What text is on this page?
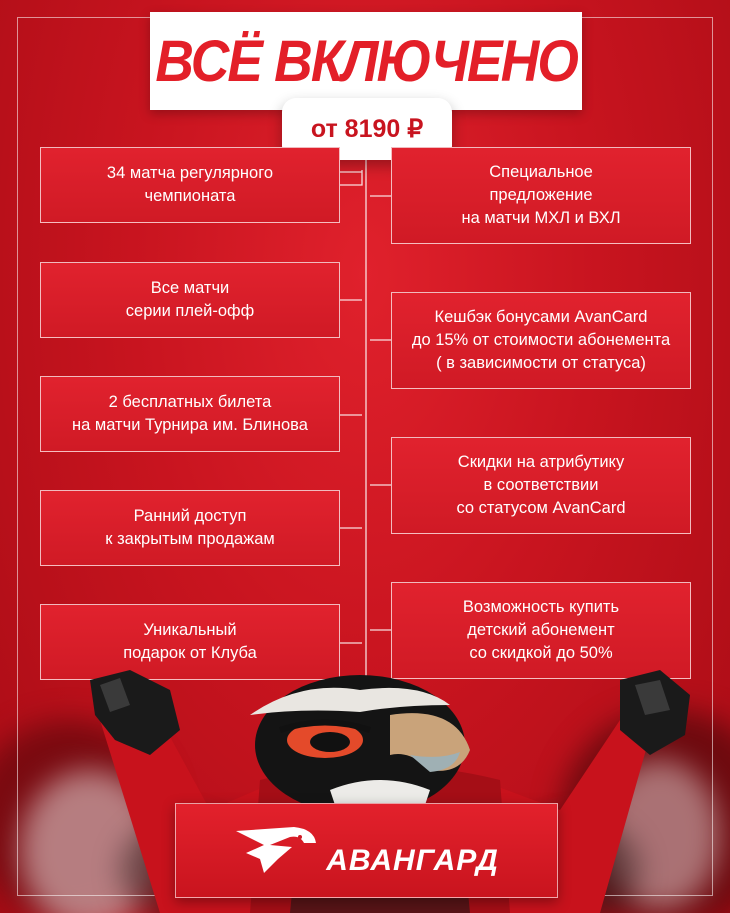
ВСЁ ВКЛЮЧЕНО
от 8190 ₽
34 матча регулярного
чемпионата
Все матчи
серии плей-офф
2 бесплатных билета
на матчи Турнира им. Блинова
Ранний доступ
к закрытым продажам
Уникальный
подарок от Клуба
Специальное
предложение
на матчи МХЛ и ВХЛ
Кешбэк бонусами AvanCard
до 15% от стоимости абонемента
( в зависимости от статуса)
Скидки на атрибутику
в соответствии
со статусом AvanCard
Возможность купить
детский абонемент
со скидкой до 50%
АВАНГАРД
